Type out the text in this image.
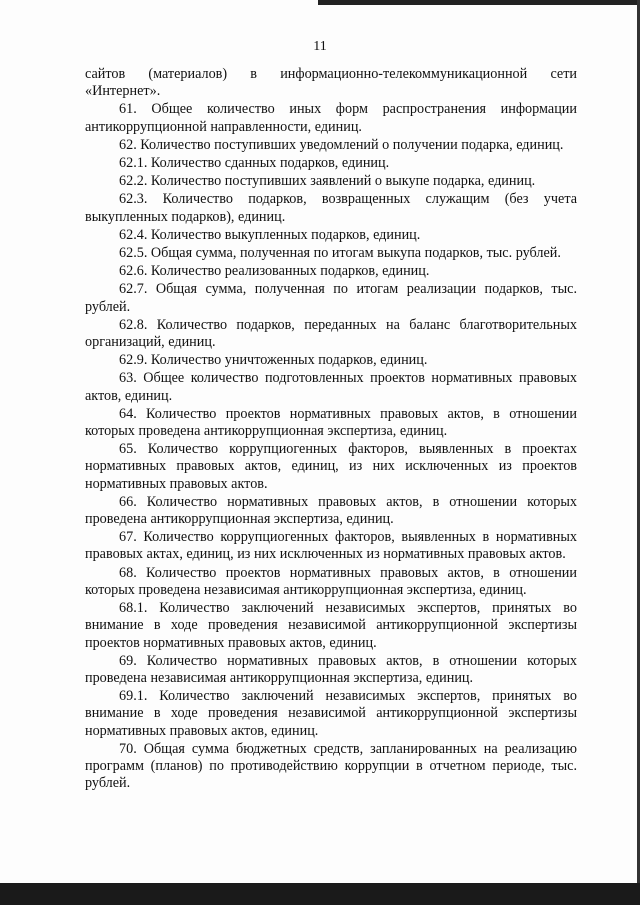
11

сайтов (материалов) в информационно-телекоммуникационной сети «Интернет».

61. Общее количество иных форм распространения информации антикоррупционной направленности, единиц.

62. Количество поступивших уведомлений о получении подарка, единиц.

62.1. Количество сданных подарков, единиц.

62.2. Количество поступивших заявлений о выкупе подарка, единиц.

62.3. Количество подарков, возвращенных служащим (без учета выкупленных подарков), единиц.

62.4. Количество выкупленных подарков, единиц.

62.5. Общая сумма, полученная по итогам выкупа подарков, тыс. рублей.

62.6. Количество реализованных подарков, единиц.

62.7. Общая сумма, полученная по итогам реализации подарков, тыс. рублей.

62.8. Количество подарков, переданных на баланс благотворительных организаций, единиц.

62.9. Количество уничтоженных подарков, единиц.

63. Общее количество подготовленных проектов нормативных правовых актов, единиц.

64. Количество проектов нормативных правовых актов, в отношении которых проведена антикоррупционная экспертиза, единиц.

65. Количество коррупциогенных факторов, выявленных в проектах нормативных правовых актов, единиц, из них исключенных из проектов нормативных правовых актов.

66. Количество нормативных правовых актов, в отношении которых проведена антикоррупционная экспертиза, единиц.

67. Количество коррупциогенных факторов, выявленных в нормативных правовых актах, единиц, из них исключенных из нормативных правовых актов.

68. Количество проектов нормативных правовых актов, в отношении которых проведена независимая антикоррупционная экспертиза, единиц.

68.1. Количество заключений независимых экспертов, принятых во внимание в ходе проведения независимой антикоррупционной экспертизы проектов нормативных правовых актов, единиц.

69. Количество нормативных правовых актов, в отношении которых проведена независимая антикоррупционная экспертиза, единиц.

69.1. Количество заключений независимых экспертов, принятых во внимание в ходе проведения независимой антикоррупционной экспертизы нормативных правовых актов, единиц.

70. Общая сумма бюджетных средств, запланированных на реализацию программ (планов) по противодействию коррупции в отчетном периоде, тыс. рублей.
